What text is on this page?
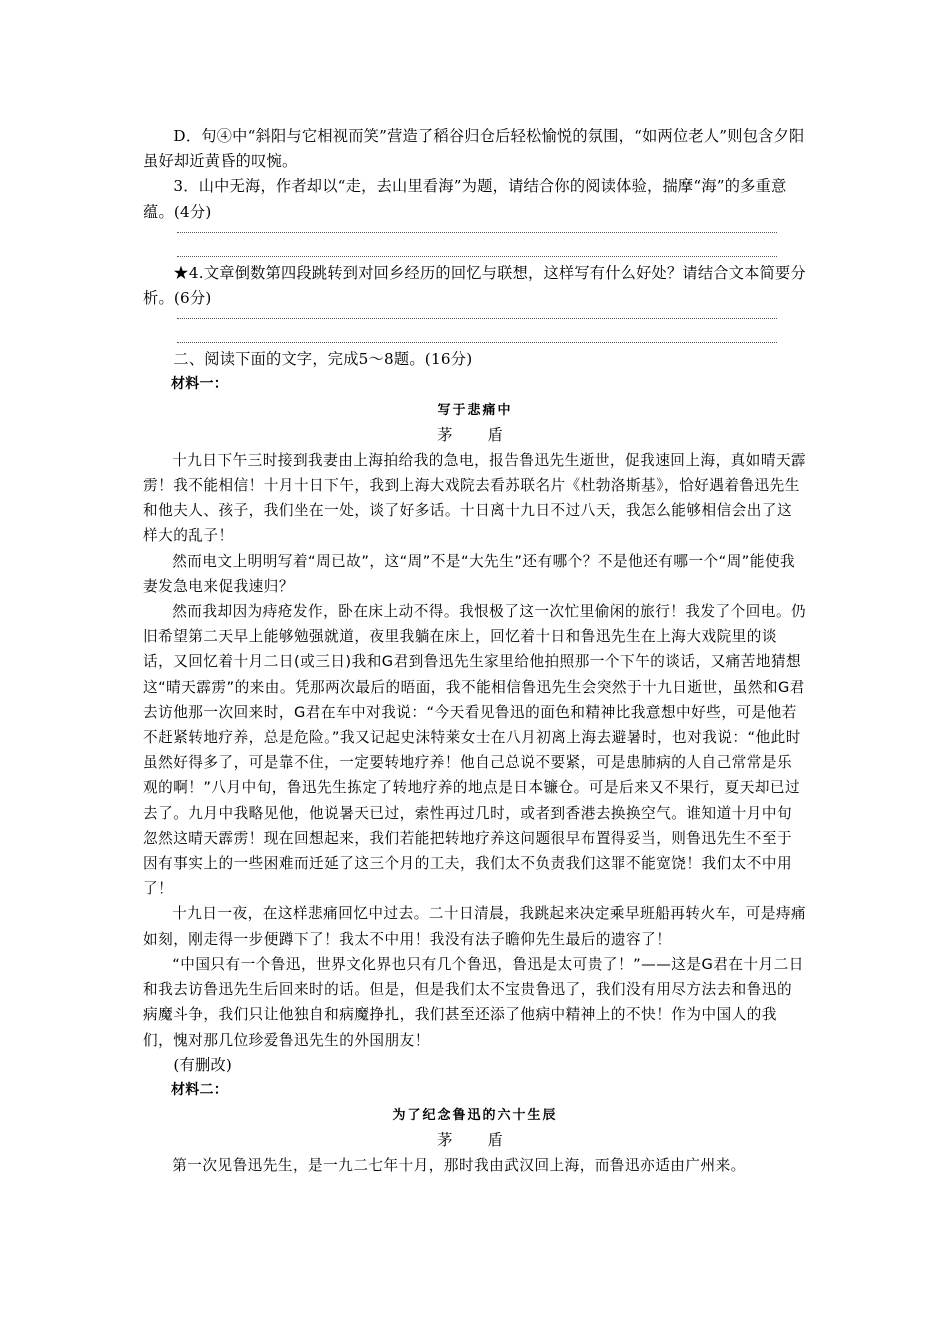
D．句④中“斜阳与它相视而笑”营造了稻谷归仓后轻松愉悦的氛围，“如两位老人”则包含夕阳虽好却近黄昏的叹惋。

3．山中无海，作者却以“走，去山里看海”为题，请结合你的阅读体验，揣摩“海”的多重意蕴。(4分)

★4.文章倒数第四段跳转到对回乡经历的回忆与联想，这样写有什么好处？请结合文本简要分析。(6分)

二、阅读下面的文字，完成5～8题。(16分)

材料一：

写于悲痛中

茅　盾

十九日下午三时接到我妻由上海拍给我的急电，报告鲁迅先生逝世，促我速回上海，真如晴天霹雳！我不能相信！十月十日下午，我到上海大戏院去看苏联名片《杜勃洛斯基》，恰好遇着鲁迅先生和他夫人、孩子，我们坐在一处，谈了好多话。十日离十九日不过八天，我怎么能够相信会出了这样大的乱子！

然而电文上明明写着“周已故”，这“周”不是“大先生”还有哪个？不是他还有哪一个“周”能使我妻发急电来促我速归？

然而我却因为痔疮发作，卧在床上动不得。我恨极了这一次忙里偷闲的旅行！我发了个回电。仍旧希望第二天早上能够勉强就道，夜里我躺在床上，回忆着十日和鲁迅先生在上海大戏院里的谈话，又回忆着十月二日(或三日)我和G君到鲁迅先生家里给他拍照那一个下午的谈话，又痛苦地猜想这“晴天霹雳”的来由。凭那两次最后的晤面，我不能相信鲁迅先生会突然于十九日逝世，虽然和G君去访他那一次回来时，G君在车中对我说：“今天看见鲁迅的面色和精神比我意想中好些，可是他若不赶紧转地疗养，总是危险。”我又记起史沫特莱女士在八月初离上海去避暑时，也对我说：“他此时虽然好得多了，可是靠不住，一定要转地疗养！他自己总说不要紧，可是患肺病的人自己常常是乐观的啊！”八月中旬，鲁迅先生拣定了转地疗养的地点是日本镰仓。可是后来又不果行，夏天却已过去了。九月中我略见他，他说暑天已过，索性再过几时，或者到香港去换换空气。谁知道十月中旬忽然这晴天霹雳！现在回想起来，我们若能把转地疗养这问题很早布置得妥当，则鲁迅先生不至于因有事实上的一些困难而迁延了这三个月的工夫，我们太不负责我们这罪不能宽饶！我们太不中用了！

十九日一夜，在这样悲痛回忆中过去。二十日清晨，我跳起来决定乘早班船再转火车，可是痔痛如刻，刚走得一步便蹲下了！我太不中用！我没有法子瞻仰先生最后的遗容了！

“中国只有一个鲁迅，世界文化界也只有几个鲁迅，鲁迅是太可贵了！”——这是G君在十月二日和我去访鲁迅先生后回来时的话。但是，但是我们太不宝贵鲁迅了，我们没有用尽方法去和鲁迅的病魔斗争，我们只让他独自和病魔挣扎，我们甚至还添了他病中精神上的不快！作为中国人的我们，愧对那几位珍爱鲁迅先生的外国朋友！

(有删改)

材料二：

为了纪念鲁迅的六十生辰

茅　盾

第一次见鲁迅先生，是一九二七年十月，那时我由武汉回上海，而鲁迅亦适由广州来。
